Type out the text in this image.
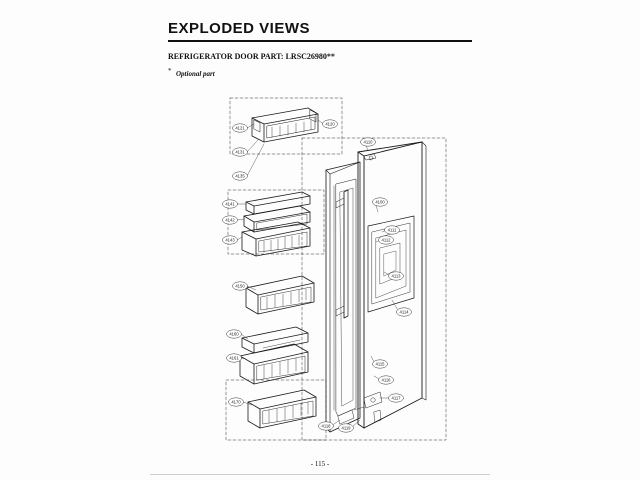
EXPLODED VIEWS
REFRIGERATOR DOOR PART: LRSC26980**
* Optional part
4121
4131
4135
4120
4141
4142
4143
4150
4160
4161
4170
4110
4100
4111
4112
4113
4114
4115
4116
4117
4118	4119
- 115 -
